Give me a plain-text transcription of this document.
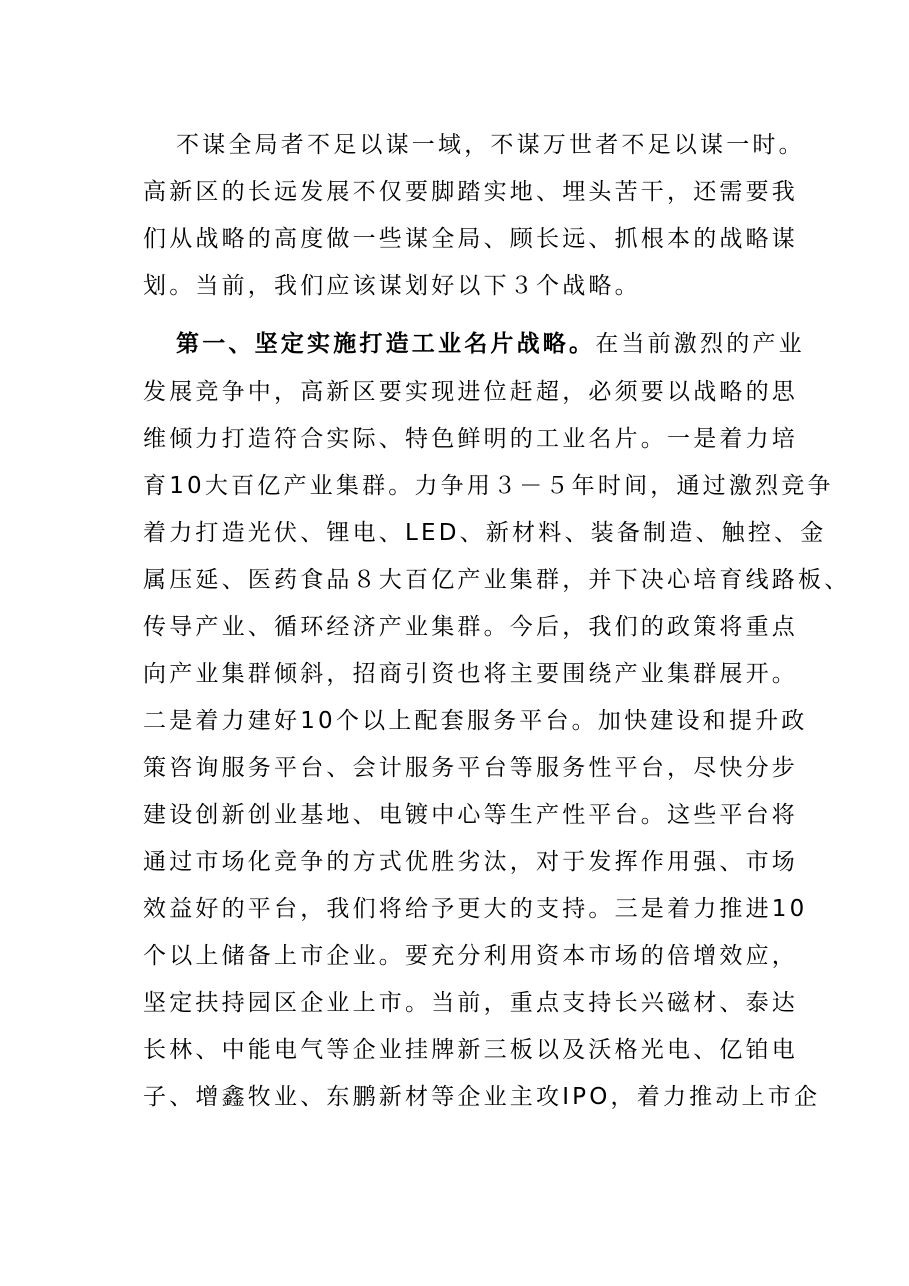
不谋全局者不足以谋一域，不谋万世者不足以谋一时。
高新区的长远发展不仅要脚踏实地、埋头苦干，还需要我
们从战略的高度做一些谋全局、顾长远、抓根本的战略谋
划。当前，我们应该谋划好以下３个战略。
第一、坚定实施打造工业名片战略。在当前激烈的产业
发展竞争中，高新区要实现进位赶超，必须要以战略的思
维倾力打造符合实际、特色鲜明的工业名片。一是着力培
育10大百亿产业集群。力争用３－５年时间，通过激烈竞争
着力打造光伏、锂电、LED、新材料、装备制造、触控、金
属压延、医药食品８大百亿产业集群，并下决心培育线路板、
传导产业、循环经济产业集群。今后，我们的政策将重点
向产业集群倾斜，招商引资也将主要围绕产业集群展开。
二是着力建好10个以上配套服务平台。加快建设和提升政
策咨询服务平台、会计服务平台等服务性平台，尽快分步
建设创新创业基地、电镀中心等生产性平台。这些平台将
通过市场化竞争的方式优胜劣汰，对于发挥作用强、市场
效益好的平台，我们将给予更大的支持。三是着力推进10
个以上储备上市企业。要充分利用资本市场的倍增效应，
坚定扶持园区企业上市。当前，重点支持长兴磁材、泰达
长林、中能电气等企业挂牌新三板以及沃格光电、亿铂电
子、增鑫牧业、东鹏新材等企业主攻IPO，着力推动上市企
